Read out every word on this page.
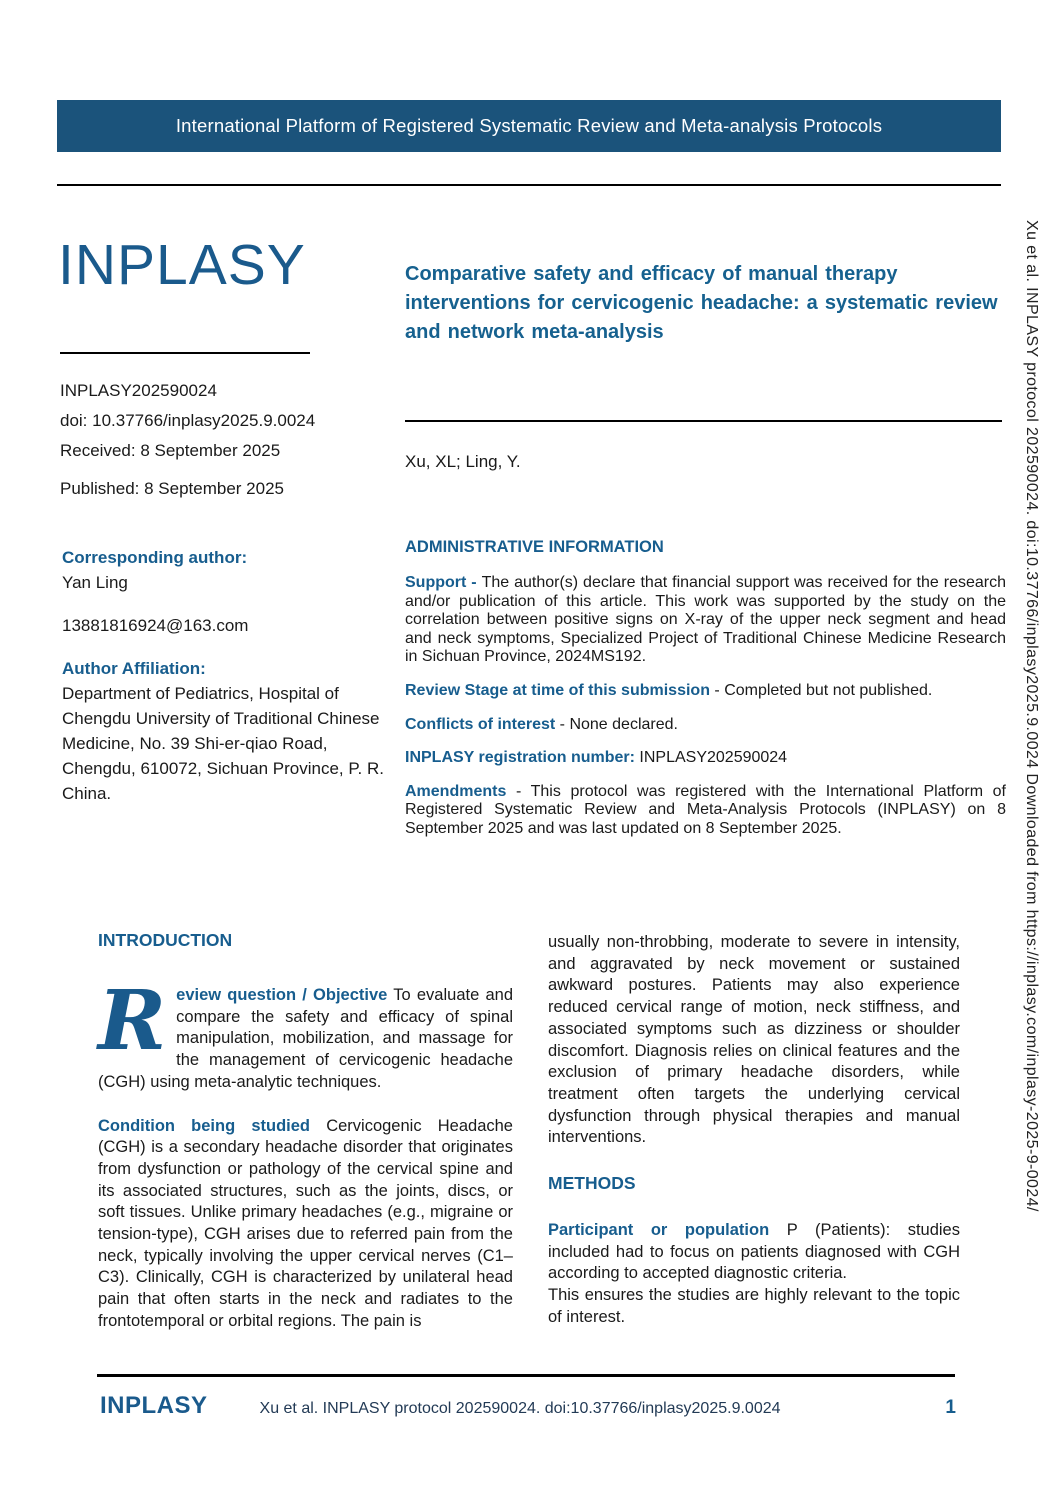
International Platform of Registered Systematic Review and Meta-analysis Protocols
INPLASY
INPLASY202590024
doi: 10.37766/inplasy2025.9.0024
Received: 8 September 2025
Published: 8 September 2025
Comparative safety and efficacy of manual therapy interventions for cervicogenic headache: a systematic review and network meta-analysis
Xu, XL; Ling, Y.
Corresponding author:
Yan Ling
13881816924@163.com
Author Affiliation:
Department of Pediatrics, Hospital of Chengdu University of Traditional Chinese Medicine, No. 39 Shi-er-qiao Road, Chengdu, 610072, Sichuan Province, P. R. China.
ADMINISTRATIVE INFORMATION

Support - The author(s) declare that financial support was received for the research and/or publication of this article. This work was supported by the study on the correlation between positive signs on X-ray of the upper neck segment and head and neck symptoms, Specialized Project of Traditional Chinese Medicine Research in Sichuan Province, 2024MS192.

Review Stage at time of this submission - Completed but not published.

Conflicts of interest - None declared.

INPLASY registration number: INPLASY202590024

Amendments - This protocol was registered with the International Platform of Registered Systematic Review and Meta-Analysis Protocols (INPLASY) on 8 September 2025 and was last updated on 8 September 2025.

INTRODUCTION

Review question / Objective To evaluate and compare the safety and efficacy of spinal manipulation, mobilization, and massage for the management of cervicogenic headache (CGH) using meta-analytic techniques.

Condition being studied Cervicogenic Headache (CGH) is a secondary headache disorder that originates from dysfunction or pathology of the cervical spine and its associated structures, such as the joints, discs, or soft tissues. Unlike primary headaches (e.g., migraine or tension-type), CGH arises due to referred pain from the neck, typically involving the upper cervical nerves (C1–C3). Clinically, CGH is characterized by unilateral head pain that often starts in the neck and radiates to the frontotemporal or orbital regions. The pain is

usually non-throbbing, moderate to severe in intensity, and aggravated by neck movement or sustained awkward postures. Patients may also experience reduced cervical range of motion, neck stiffness, and associated symptoms such as dizziness or shoulder discomfort. Diagnosis relies on clinical features and the exclusion of primary headache disorders, while treatment often targets the underlying cervical dysfunction through physical therapies and manual interventions.

METHODS

Participant or population P (Patients): studies included had to focus on patients diagnosed with CGH according to accepted diagnostic criteria.

This ensures the studies are highly relevant to the topic of interest.

INPLASY	Xu et al. INPLASY protocol 202590024. doi:10.37766/inplasy2025.9.0024	1
Xu et al. INPLASY protocol 202590024. doi:10.37766/inplasy2025.9.0024 Downloaded from https://inplasy.com/inplasy-2025-9-0024/
